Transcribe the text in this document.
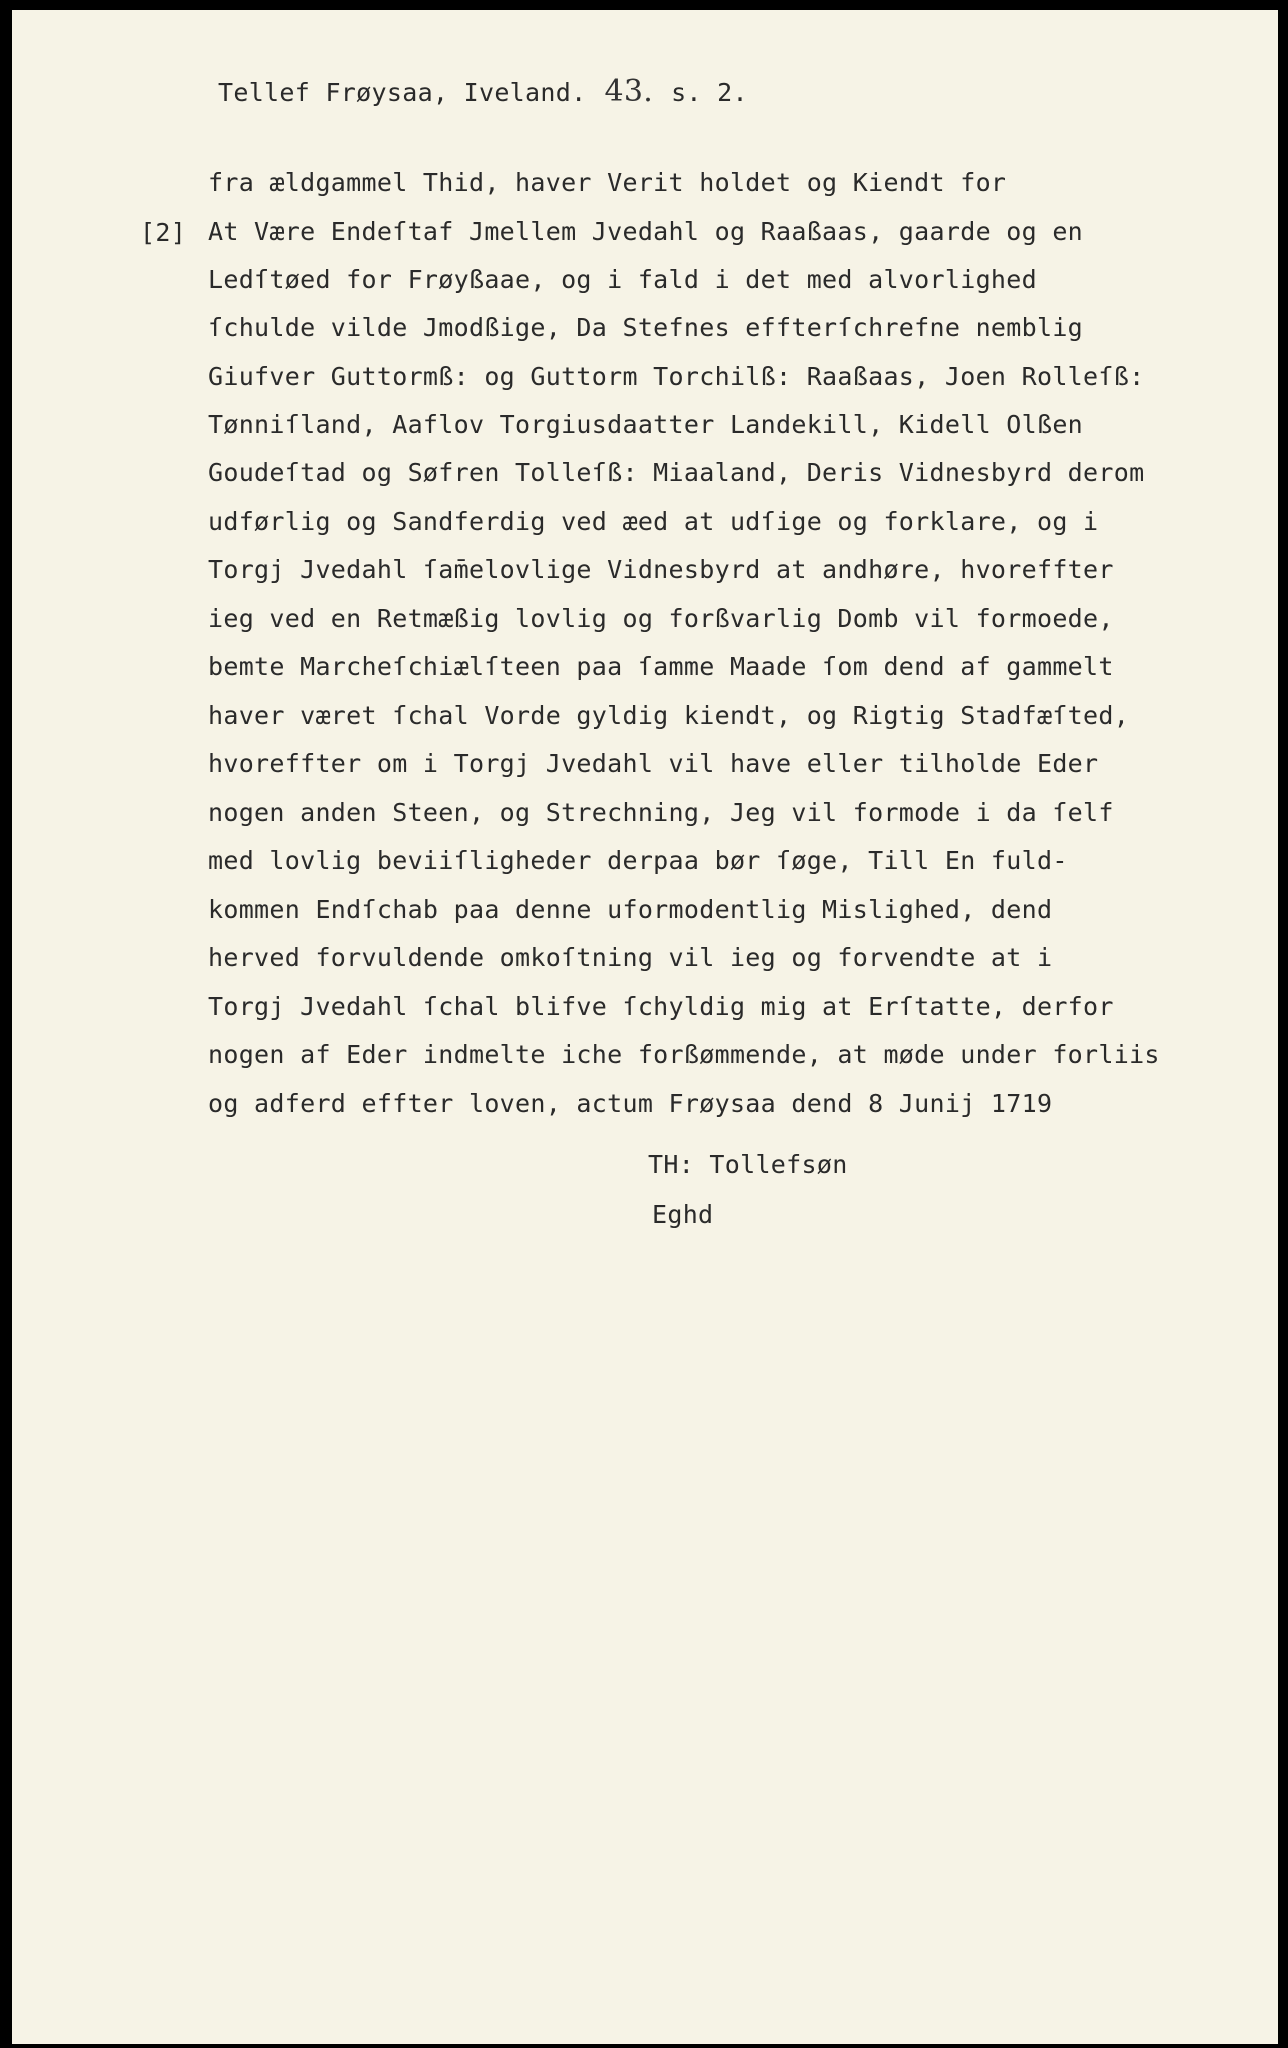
Tellef Frøysaa, Iveland. 43. s. 2.
[2]
fra ældgammel Thid, haver Verit holdet og Kiendt for
At Være Endeſtaf Jmellem Jvedahl og Raaßaas, gaarde og en
Ledſtøed for Frøyßaae, og i fald i det med alvorlighed
ſchulde vilde Jmodßige, Da Stefnes effterſchrefne nemblig
Giufver Guttormß: og Guttorm Torchilß: Raaßaas, Joen Rolleſß:
Tønniſland, Aaflov Torgiusdaatter Landekill, Kidell Olßen
Goudeſtad og Søfren Tolleſß: Miaaland, Deris Vidnesbyrd derom
udførlig og Sandferdig ved æed at udſige og forklare, og i
Torgj Jvedahl ſam̄elovlige Vidnesbyrd at andhøre, hvoreffter
ieg ved en Retmæßig lovlig og forßvarlig Domb vil formoede,
bemte Marcheſchiælſteen paa ſamme Maade ſom dend af gammelt
haver været ſchal Vorde gyldig kiendt, og Rigtig Stadfæſted,
hvoreffter om i Torgj Jvedahl vil have eller tilholde Eder
nogen anden Steen, og Strechning, Jeg vil formode i da ſelf
med lovlig beviiſligheder derpaa bør ſøge, Till En fuld-
kommen Endſchab paa denne uformodentlig Mislighed, dend
herved forvuldende omkoſtning vil ieg og forvendte at i
Torgj Jvedahl ſchal blifve ſchyldig mig at Erſtatte, derfor
nogen af Eder indmelte iche forßømmende, at møde under forliis
og adferd effter loven, actum Frøysaa dend 8 Junij 1719
TH: Tollefsøn
Eghd
